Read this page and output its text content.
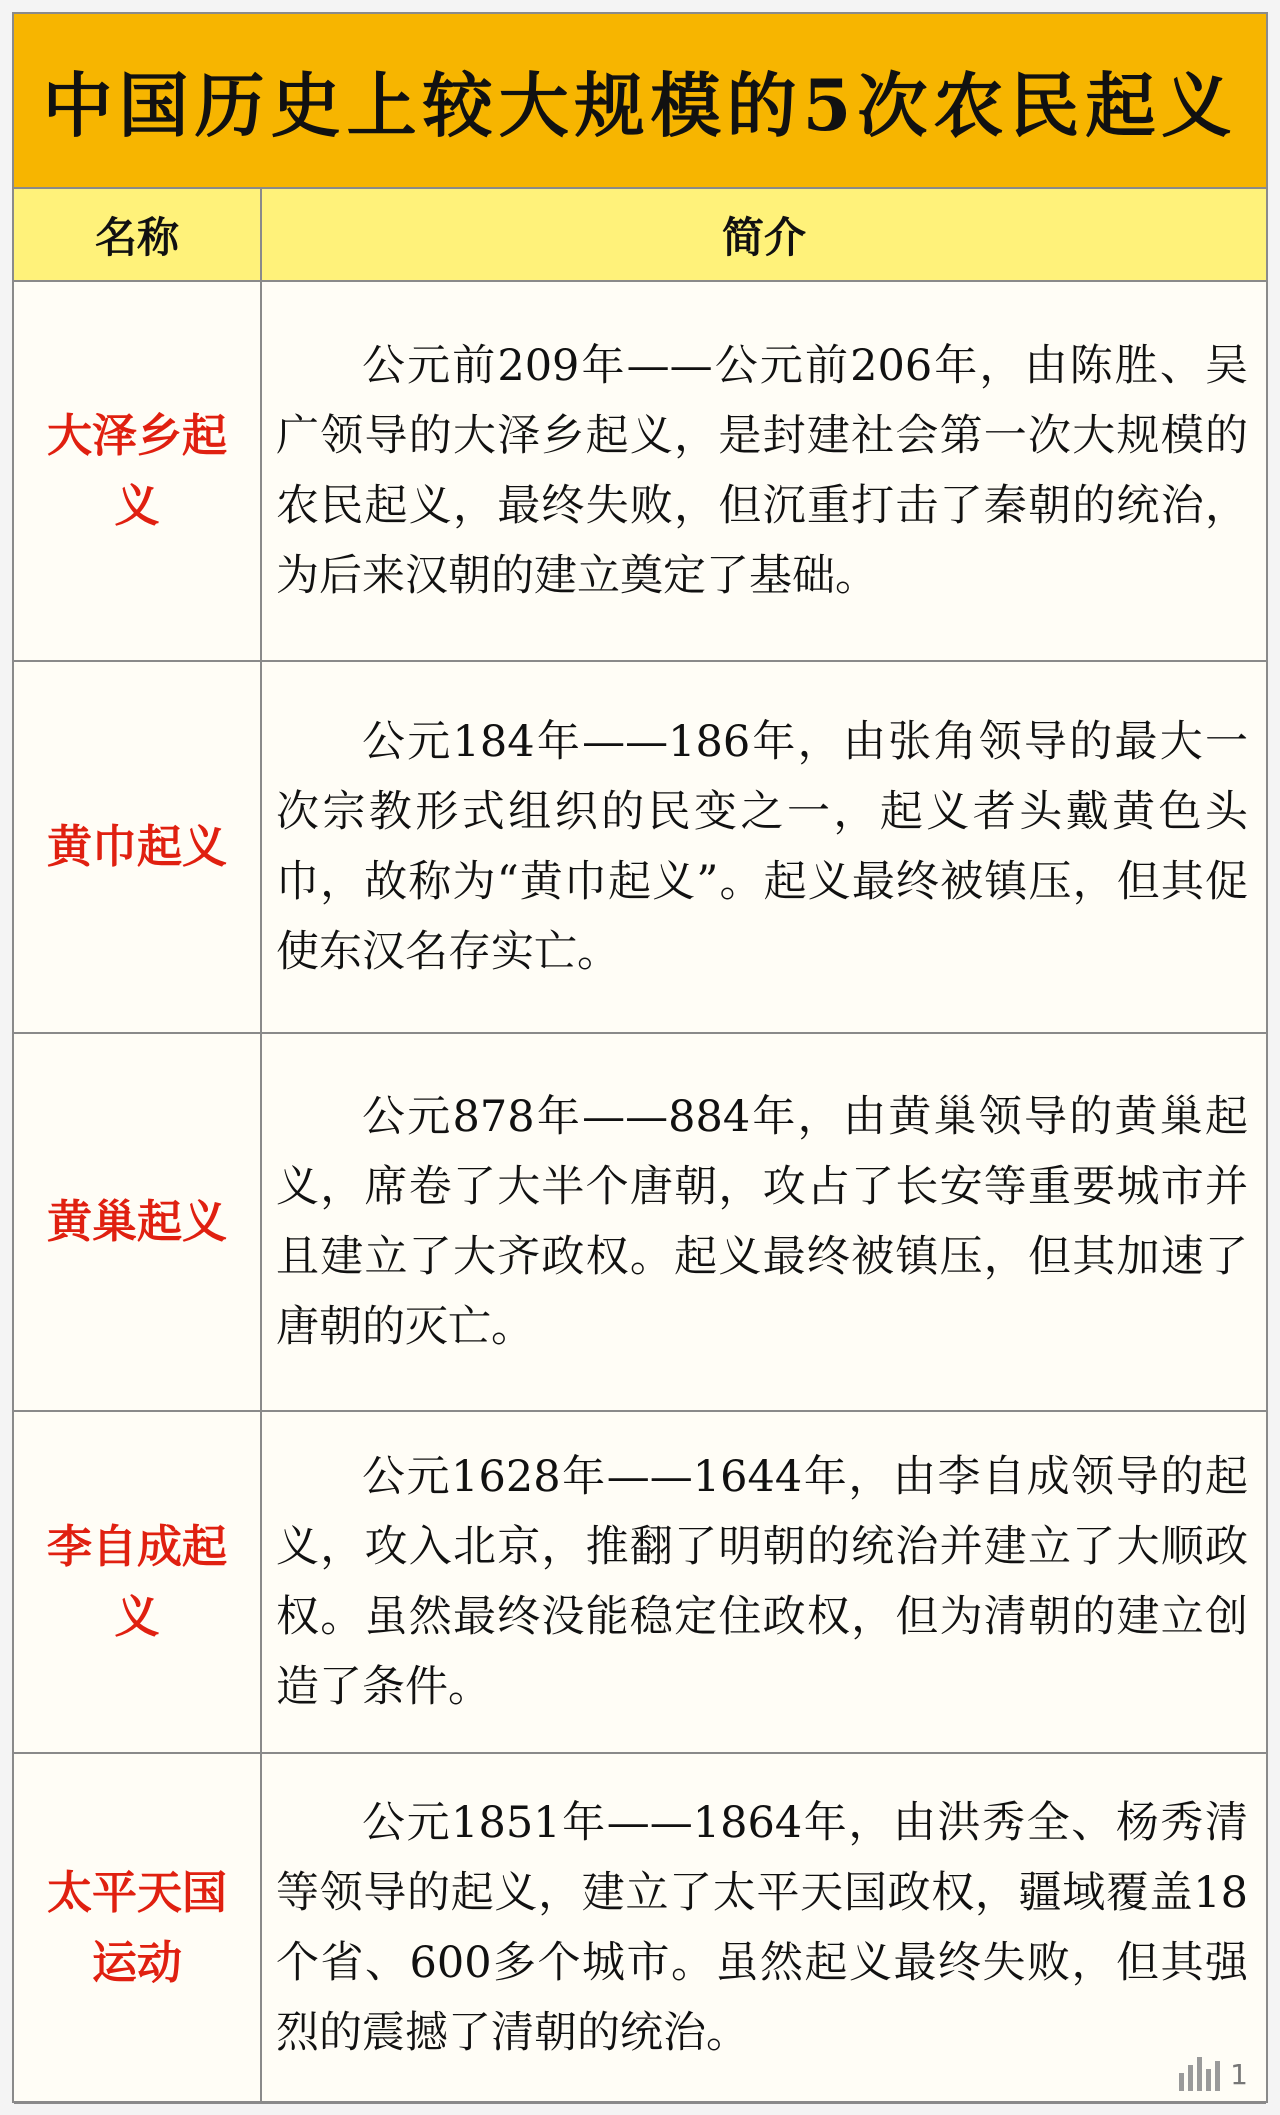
中国历史上较大规模的5次农民起义
名称	简介
大泽乡起义	公元前209年——公元前206年，由陈胜、吴广领导的大泽乡起义，是封建社会第一次大规模的农民起义，最终失败，但沉重打击了秦朝的统治，为后来汉朝的建立奠定了基础。
黄巾起义	公元184年——186年，由张角领导的最大一次宗教形式组织的民变之一，起义者头戴黄色头巾，故称为“黄巾起义”。起义最终被镇压，但其促使东汉名存实亡。
黄巢起义	公元878年——884年，由黄巢领导的黄巢起义，席卷了大半个唐朝，攻占了长安等重要城市并且建立了大齐政权。起义最终被镇压，但其加速了唐朝的灭亡。
李自成起义	公元1628年——1644年，由李自成领导的起义，攻入北京，推翻了明朝的统治并建立了大顺政权。虽然最终没能稳定住政权，但为清朝的建立创造了条件。
太平天国运动	公元1851年——1864年，由洪秀全、杨秀清等领导的起义，建立了太平天国政权，疆域覆盖18个省、600多个城市。虽然起义最终失败，但其强烈的震撼了清朝的统治。
1
